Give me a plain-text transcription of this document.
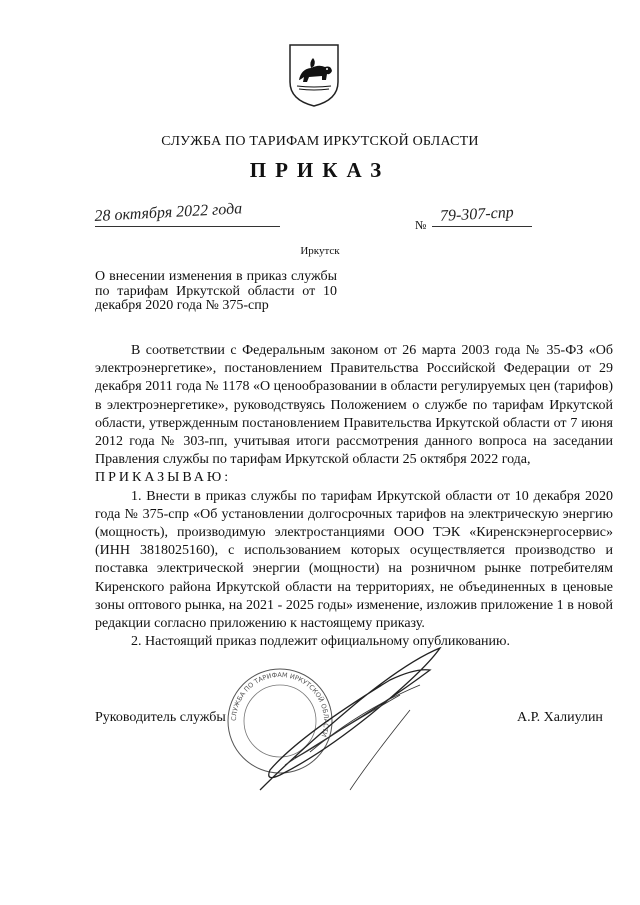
СЛУЖБА ПО ТАРИФАМ ИРКУТСКОЙ ОБЛАСТИ
ПРИКАЗ
28 октября 2022 года	№
79-307-спр
Иркутск
О внесении изменения в приказ службы по тарифам Иркутской области от 10 декабря 2020 года № 375-спр

В соответствии с Федеральным законом от 26 марта 2003 года № 35-ФЗ «Об электроэнергетике», постановлением Правительства Российской Федерации от 29 декабря 2011 года № 1178 «О ценообразовании в области регулируемых цен (тарифов) в электроэнергетике», руководствуясь Положением о службе по тарифам Иркутской области, утвержденным постановлением Правительства Иркутской области от 7 июня 2012 года № 303-пп, учитывая итоги рассмотрения данного вопроса на заседании Правления службы по тарифам Иркутской области 25 октября 2022 года,

ПРИКАЗЫВАЮ:

1. Внести в приказ службы по тарифам Иркутской области от 10 декабря 2020 года № 375-спр «Об установлении долгосрочных тарифов на электрическую энергию (мощность), производимую электростанциями ООО ТЭК «Киренскэнергосервис» (ИНН 3818025160), с использованием которых осуществляется производство и поставка электрической энергии (мощности) на розничном рынке потребителям Киренского района Иркутской области на территориях, не объединенных в ценовые зоны оптового рынка, на 2021 - 2025 годы» изменение, изложив приложение 1 в новой редакции согласно приложению к настоящему приказу.

2. Настоящий приказ подлежит официальному опубликованию.

СЛУЖБА ПО ТАРИФАМ ИРКУТСКОЙ ОБЛАСТИ
Руководитель службы	А.Р. Халиулин
